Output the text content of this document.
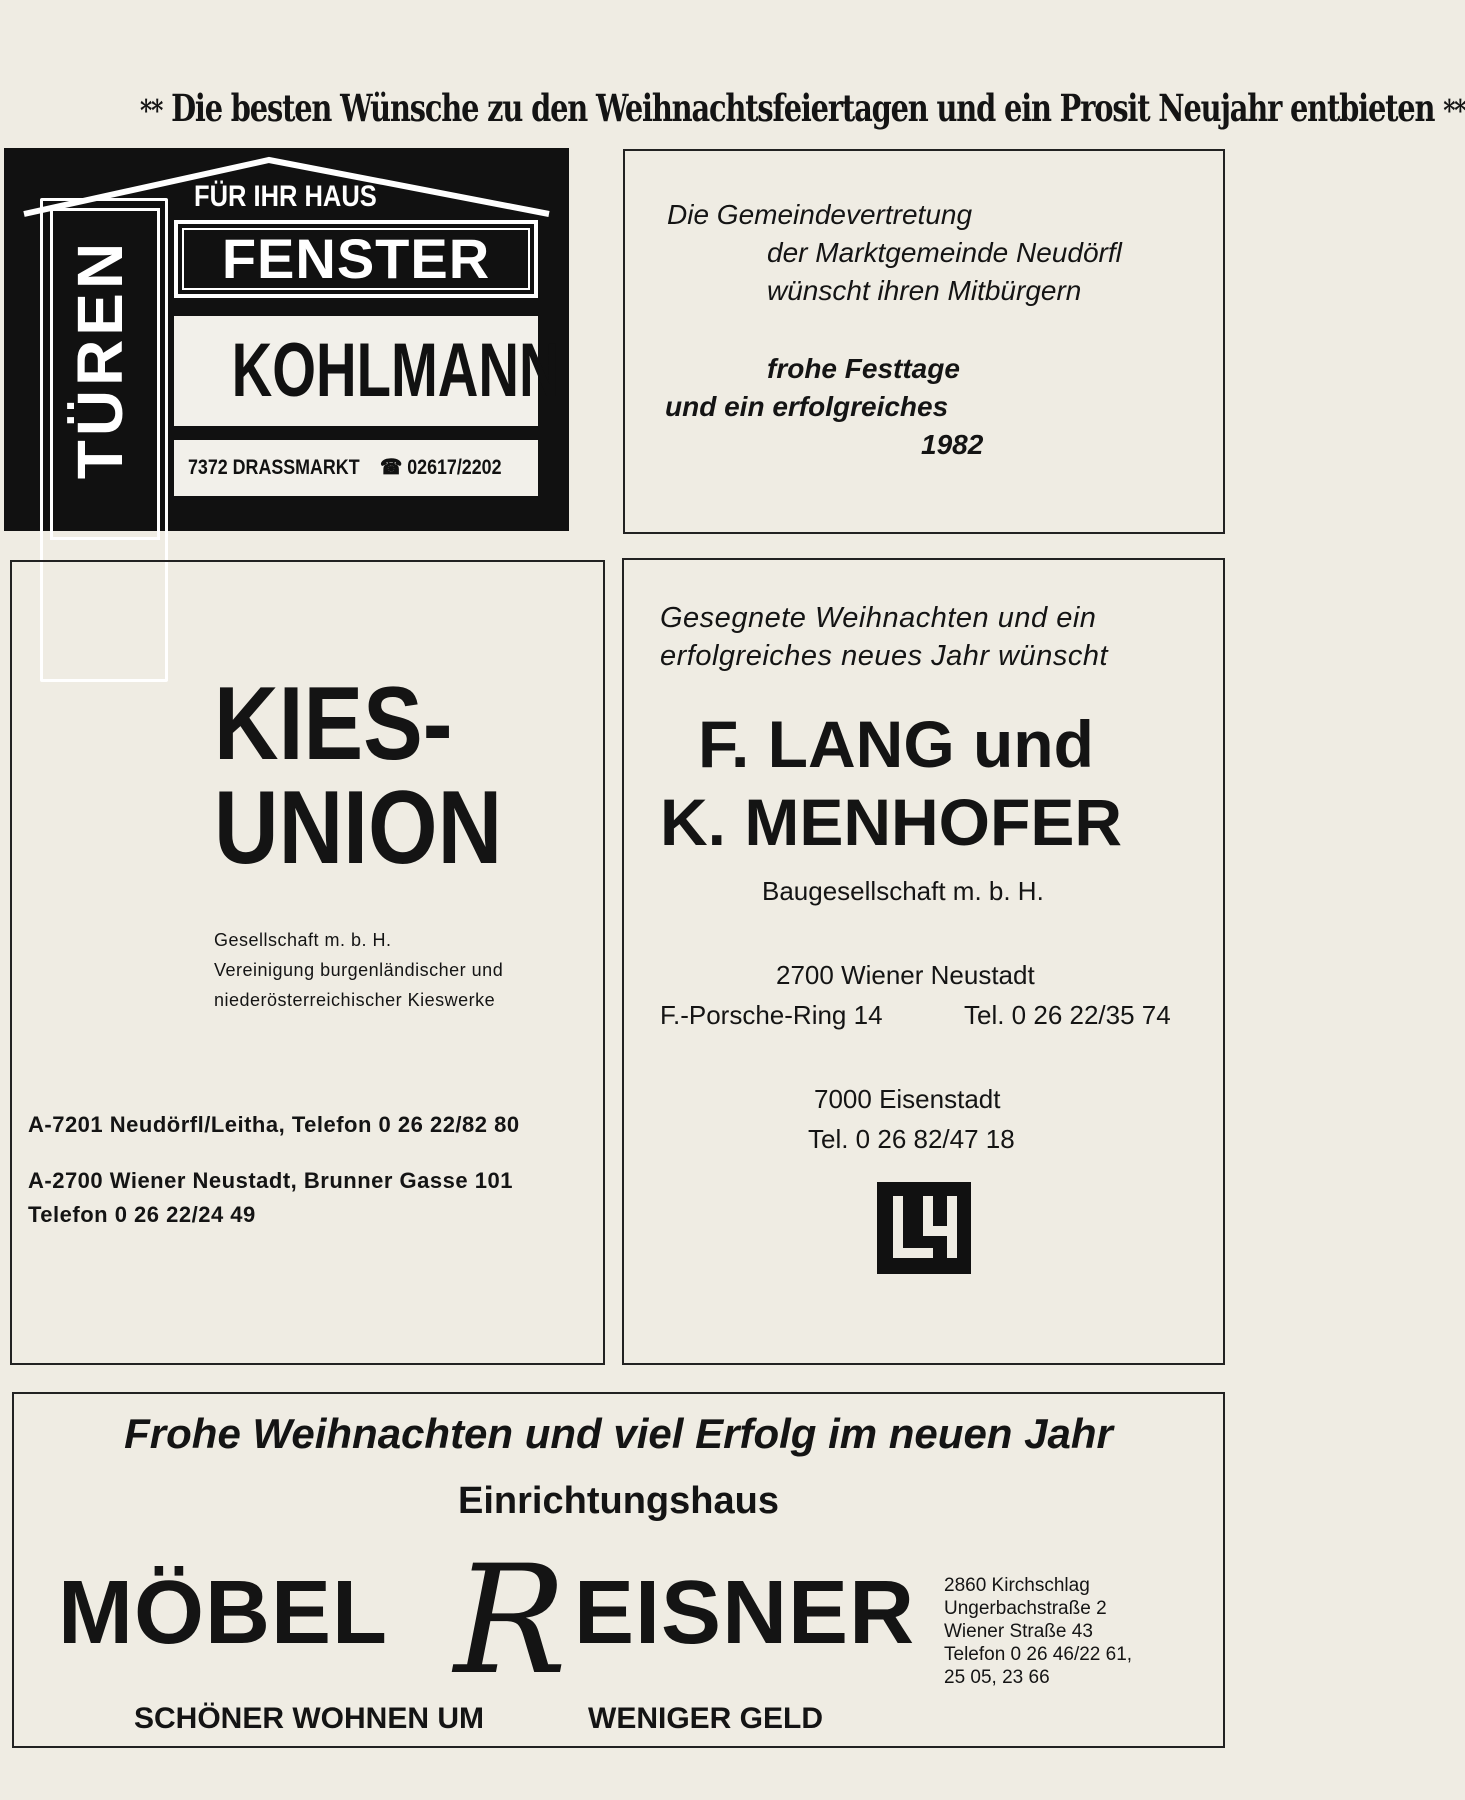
** Die besten Wünsche zu den Weihnachtsfeiertagen und ein Prosit Neujahr entbieten **
FÜR IHR HAUS
TÜREN	FENSTER
KOHLMANN
7372 DRASSMARKT ☎ 02617/2202
Die Gemeindevertretung
der Marktgemeinde Neudörfl
wünscht ihren Mitbürgern
frohe Festtage
und ein erfolgreiches
1982
KIES-
UNION
Gesellschaft m. b. H.
Vereinigung burgenländischer und
niederösterreichischer Kieswerke
A-7201 Neudörfl/Leitha, Telefon 0 26 22/82 80
A-2700 Wiener Neustadt, Brunner Gasse 101
Telefon 0 26 22/24 49
Gesegnete Weihnachten und ein
erfolgreiches neues Jahr wünscht
F. LANG und
K. MENHOFER
Baugesellschaft m. b. H.
2700 Wiener Neustadt
F.-Porsche-Ring 14	Tel. 0 26 22/35 74
7000 Eisenstadt
Tel. 0 26 82/47 18
Frohe Weihnachten und viel Erfolg im neuen Jahr
Einrichtungshaus
MÖBEL R EISNER 2860 Kirchschlag
Ungerbachstraße 2
Wiener Straße 43
Telefon 0 26 46/22 61,
25 05, 23 66
SCHÖNER WOHNEN UM	WENIGER GELD
